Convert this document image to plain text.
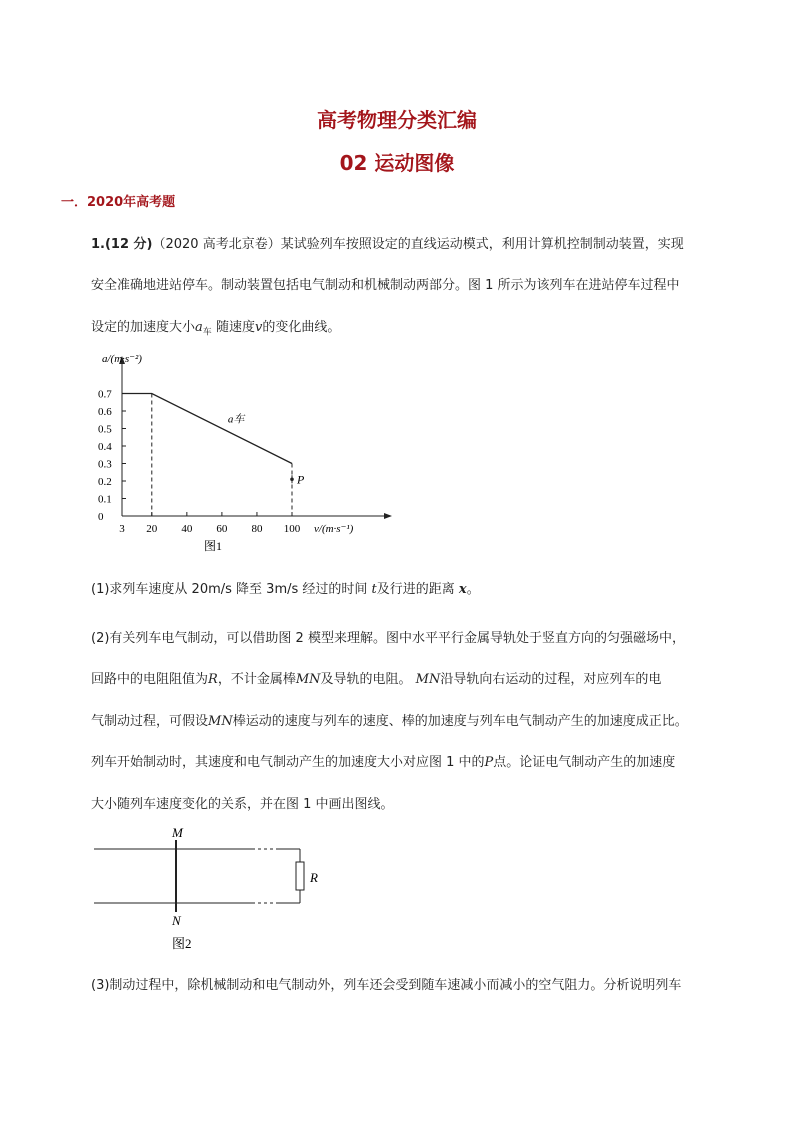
高考物理分类汇编
02 运动图像
一．2020年高考题
1.(12 分)（2020 高考北京卷）某试验列车按照设定的直线运动模式，利用计算机控制制动装置，实现
安全准确地进站停车。制动装置包括电气制动和机械制动两部分。图 1 所示为该列车在进站停车过程中
设定的加速度大小$a_车$ 随速度v的变化曲线。
a/(m·s⁻²)
v/(m·s⁻¹)
0.7
0.6
0.5
0.4
0.3
0.2
0.1
0
3 20 40 60 80 100
a车
P
图1
(1)求列车速度从 20m/s 降至 3m/s 经过的时间 t及行进的距离 x。
(2)有关列车电气制动，可以借助图 2 模型来理解。图中水平平行金属导轨处于竖直方向的匀强磁场中，
回路中的电阻阻值为R，不计金属棒MN及导轨的电阻。 MN沿导轨向右运动的过程，对应列车的电
气制动过程，可假设MN棒运动的速度与列车的速度、棒的加速度与列车电气制动产生的加速度成正比。
列车开始制动时，其速度和电气制动产生的加速度大小对应图 1 中的P点。论证电气制动产生的加速度
大小随列车速度变化的关系，并在图 1 中画出图线。
M
N
R
图2
(3)制动过程中，除机械制动和电气制动外，列车还会受到随车速减小而减小的空气阻力。分析说明列车
